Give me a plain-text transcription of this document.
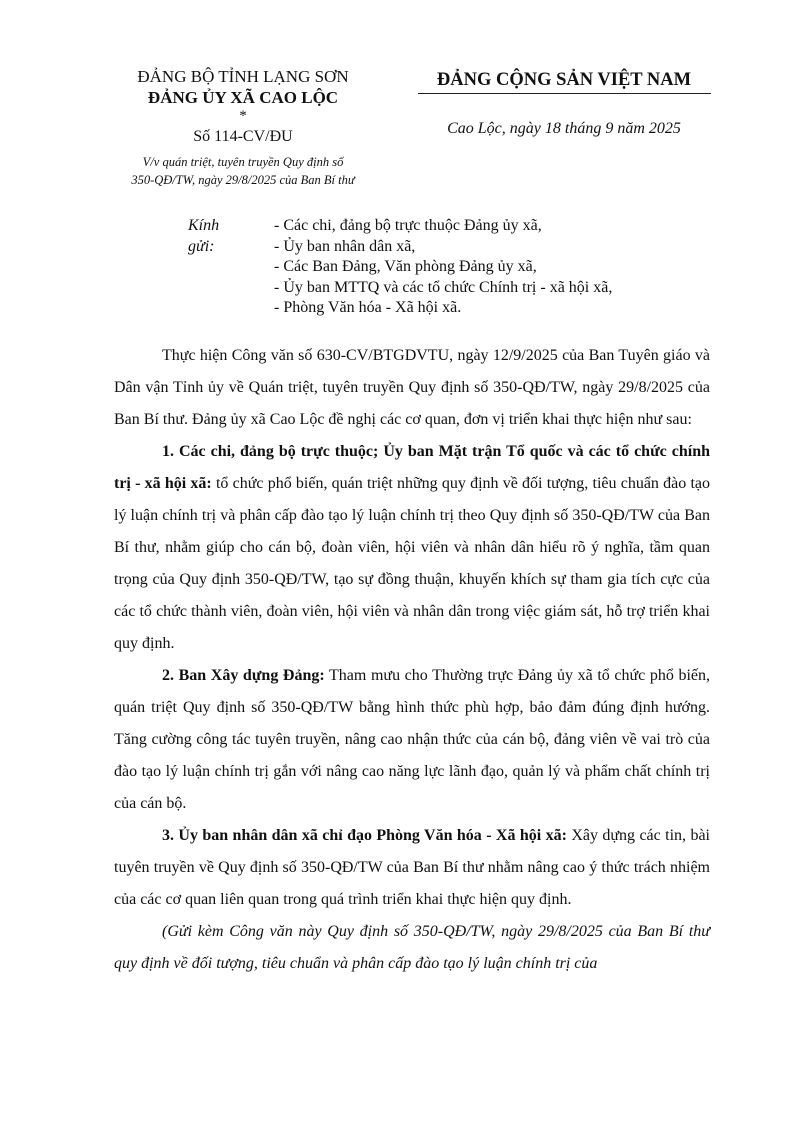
ĐẢNG BỘ TỈNH LẠNG SƠN
ĐẢNG ỦY XÃ CAO LỘC
*
Số 114-CV/ĐU
V/v quán triệt, tuyên truyền Quy định số
350-QĐ/TW, ngày 29/8/2025 của Ban Bí thư
ĐẢNG CỘNG SẢN VIỆT NAM
Cao Lộc, ngày 18 tháng 9 năm 2025
Kính gửi:
- Các chi, đảng bộ trực thuộc Đảng ủy xã,
- Ủy ban nhân dân xã,
- Các Ban Đảng, Văn phòng Đảng ủy xã,
- Ủy ban MTTQ và các tổ chức Chính trị - xã hội xã,
- Phòng Văn hóa - Xã hội xã.

Thực hiện Công văn số 630-CV/BTGDVTU, ngày 12/9/2025 của Ban Tuyên giáo và Dân vận Tỉnh ủy về Quán triệt, tuyên truyền Quy định số 350-QĐ/TW, ngày 29/8/2025 của Ban Bí thư. Đảng ủy xã Cao Lộc đề nghị các cơ quan, đơn vị triển khai thực hiện như sau:

1. Các chi, đảng bộ trực thuộc; Ủy ban Mặt trận Tổ quốc và các tổ chức chính trị - xã hội xã: tổ chức phổ biến, quán triệt những quy định về đối tượng, tiêu chuẩn đào tạo lý luận chính trị và phân cấp đào tạo lý luận chính trị theo Quy định số 350-QĐ/TW của Ban Bí thư, nhằm giúp cho cán bộ, đoàn viên, hội viên và nhân dân hiểu rõ ý nghĩa, tầm quan trọng của Quy định 350-QĐ/TW, tạo sự đồng thuận, khuyến khích sự tham gia tích cực của các tổ chức thành viên, đoàn viên, hội viên và nhân dân trong việc giám sát, hỗ trợ triển khai quy định.

2. Ban Xây dựng Đảng: Tham mưu cho Thường trực Đảng ủy xã tổ chức phổ biến, quán triệt Quy định số 350-QĐ/TW bằng hình thức phù hợp, bảo đảm đúng định hướng. Tăng cường công tác tuyên truyền, nâng cao nhận thức của cán bộ, đảng viên về vai trò của đào tạo lý luận chính trị gắn với nâng cao năng lực lãnh đạo, quản lý và phẩm chất chính trị của cán bộ.

3. Ủy ban nhân dân xã chỉ đạo Phòng Văn hóa - Xã hội xã: Xây dựng các tin, bài tuyên truyền về Quy định số 350-QĐ/TW của Ban Bí thư nhằm nâng cao ý thức trách nhiệm của các cơ quan liên quan trong quá trình triển khai thực hiện quy định.

(Gửi kèm Công văn này Quy định số 350-QĐ/TW, ngày 29/8/2025 của Ban Bí thư quy định về đối tượng, tiêu chuẩn và phân cấp đào tạo lý luận chính trị của
